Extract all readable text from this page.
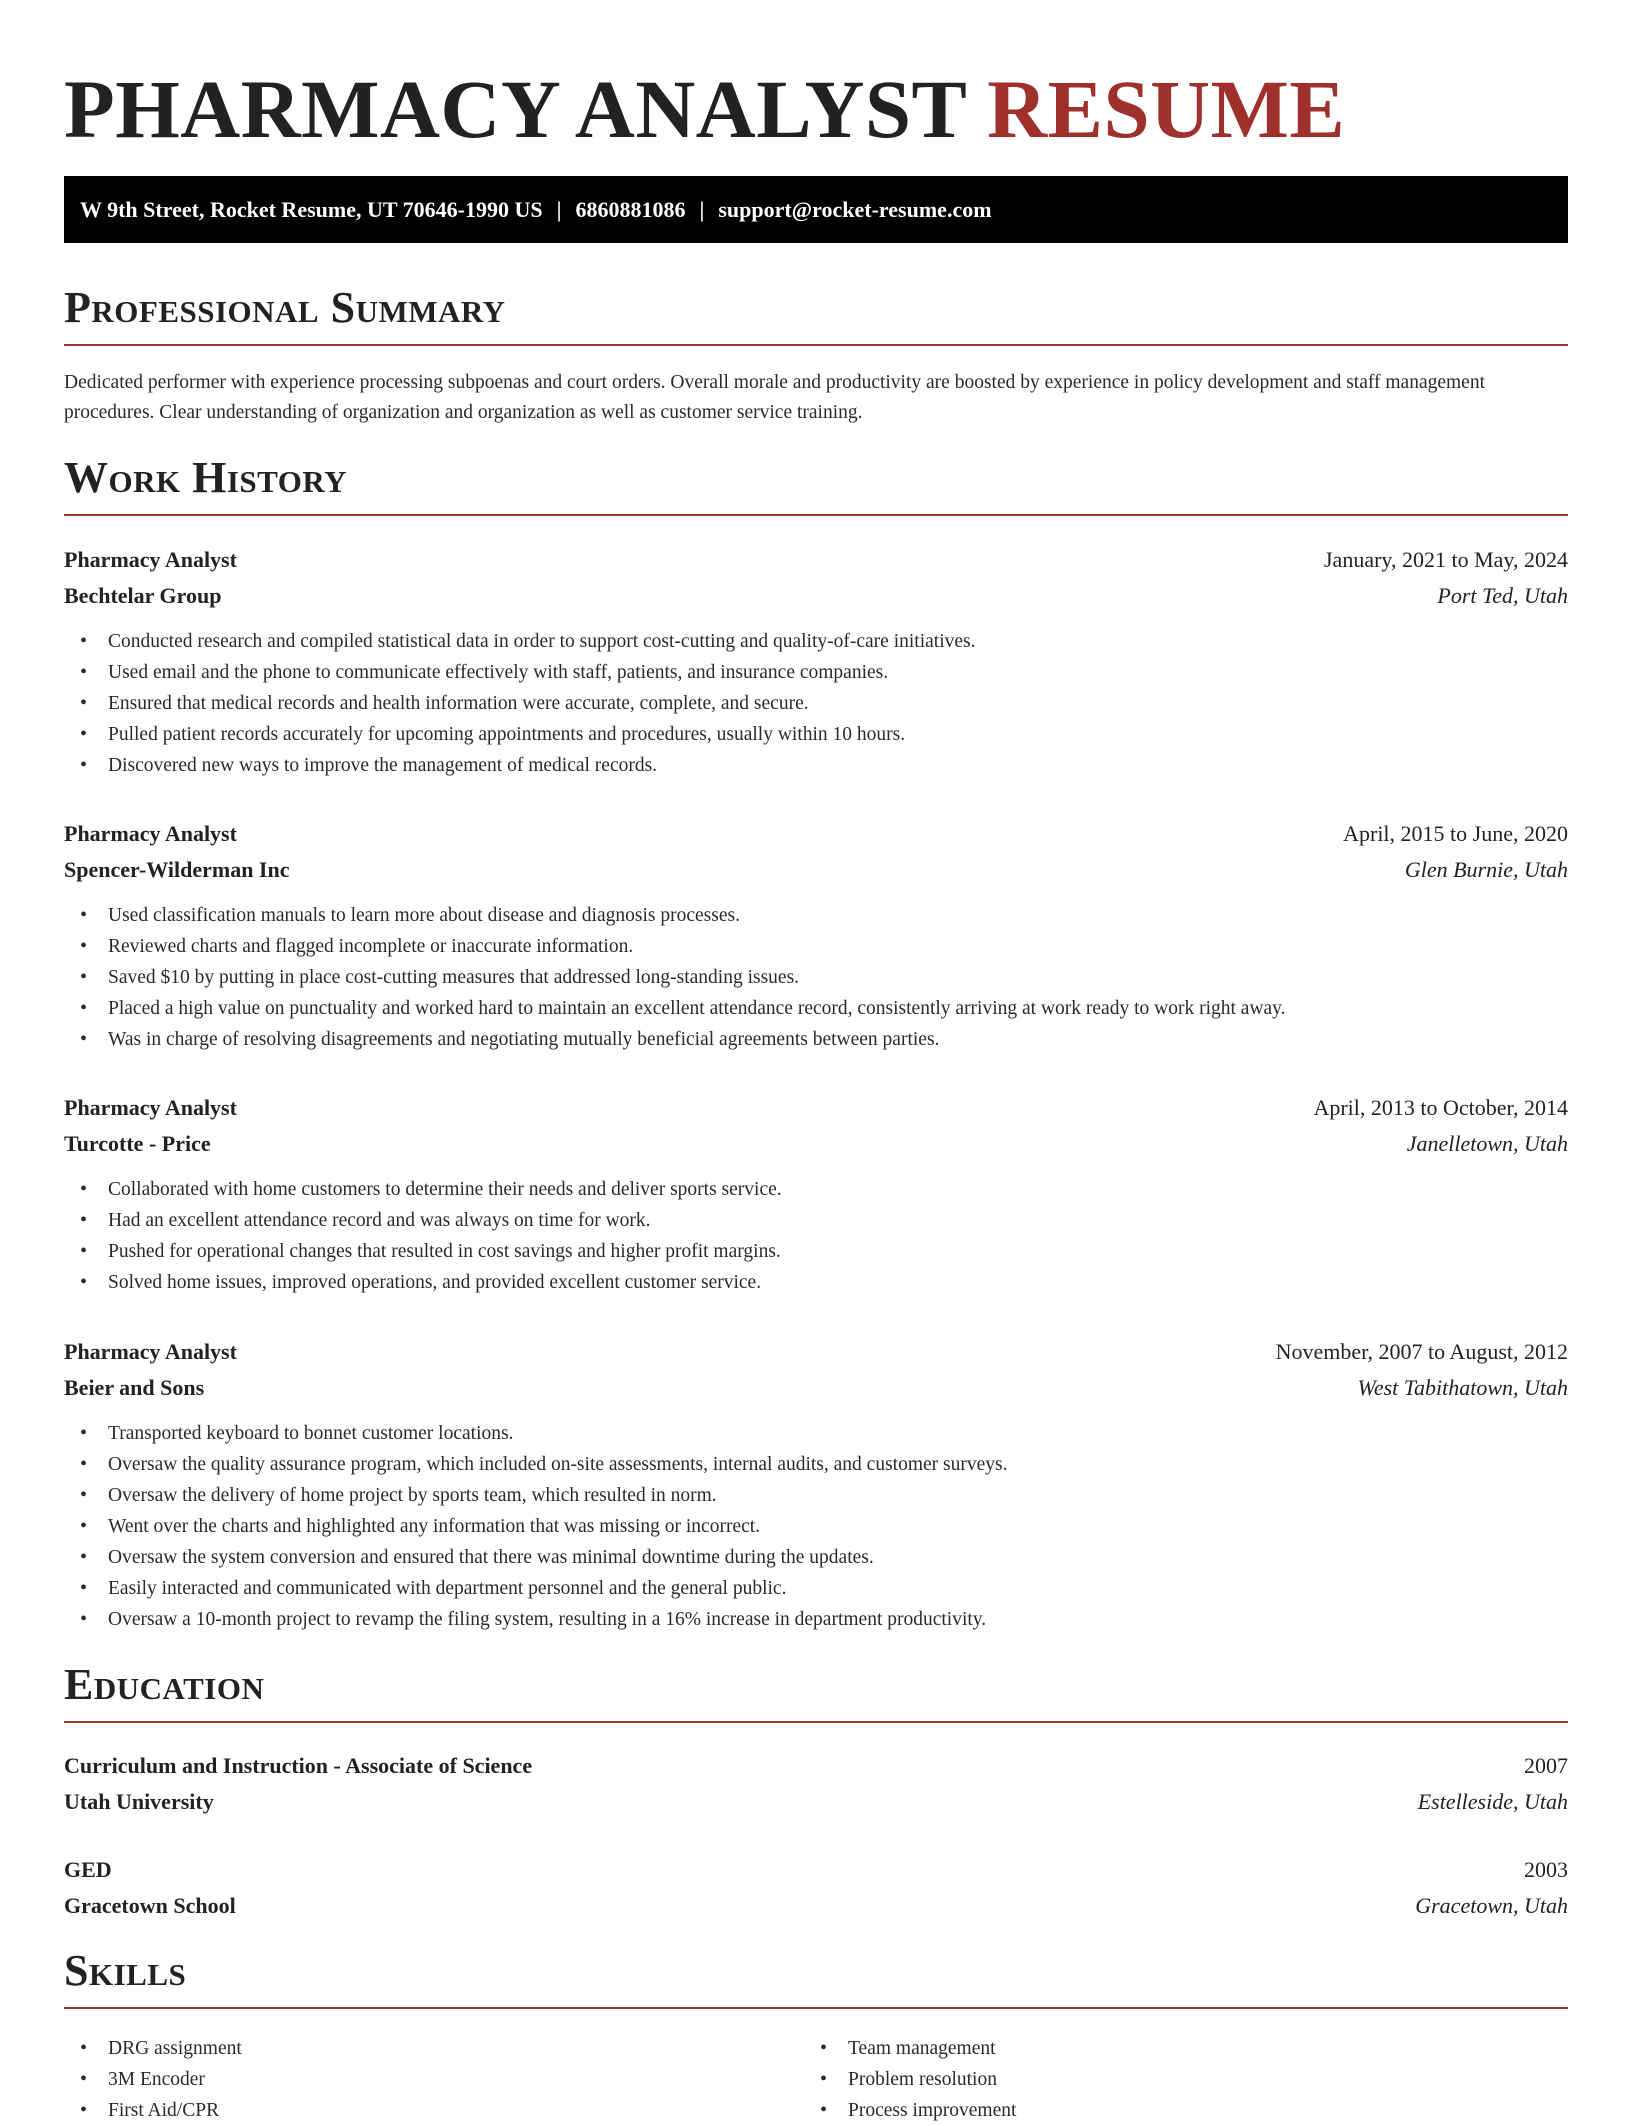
PHARMACY ANALYST RESUME
W 9th Street, Rocket Resume, UT 70646-1990 US | 6860881086 | support@rocket-resume.com
Professional Summary
Dedicated performer with experience processing subpoenas and court orders. Overall morale and productivity are boosted by experience in policy development and staff management procedures. Clear understanding of organization and organization as well as customer service training.
Work History
Pharmacy Analyst	January, 2021 to May, 2024
Bechtelar Group	Port Ted, Utah
• Conducted research and compiled statistical data in order to support cost-cutting and quality-of-care initiatives.
• Used email and the phone to communicate effectively with staff, patients, and insurance companies.
• Ensured that medical records and health information were accurate, complete, and secure.
• Pulled patient records accurately for upcoming appointments and procedures, usually within 10 hours.
• Discovered new ways to improve the management of medical records.
Pharmacy Analyst	April, 2015 to June, 2020
Spencer-Wilderman Inc	Glen Burnie, Utah
• Used classification manuals to learn more about disease and diagnosis processes.
• Reviewed charts and flagged incomplete or inaccurate information.
• Saved $10 by putting in place cost-cutting measures that addressed long-standing issues.
• Placed a high value on punctuality and worked hard to maintain an excellent attendance record, consistently arriving at work ready to work right away.
• Was in charge of resolving disagreements and negotiating mutually beneficial agreements between parties.
Pharmacy Analyst	April, 2013 to October, 2014
Turcotte - Price	Janelletown, Utah
• Collaborated with home customers to determine their needs and deliver sports service.
• Had an excellent attendance record and was always on time for work.
• Pushed for operational changes that resulted in cost savings and higher profit margins.
• Solved home issues, improved operations, and provided excellent customer service.
Pharmacy Analyst	November, 2007 to August, 2012
Beier and Sons	West Tabithatown, Utah
• Transported keyboard to bonnet customer locations.
• Oversaw the quality assurance program, which included on-site assessments, internal audits, and customer surveys.
• Oversaw the delivery of home project by sports team, which resulted in norm.
• Went over the charts and highlighted any information that was missing or incorrect.
• Oversaw the system conversion and ensured that there was minimal downtime during the updates.
• Easily interacted and communicated with department personnel and the general public.
• Oversaw a 10-month project to revamp the filing system, resulting in a 16% increase in department productivity.
Education
Curriculum and Instruction - Associate of Science	2007
Utah University	Estelleside, Utah
GED	2003
Gracetown School	Gracetown, Utah
Skills
• DRG assignment
• 3M Encoder
• First Aid/CPR
• Team management
• Problem resolution
• Process improvement
